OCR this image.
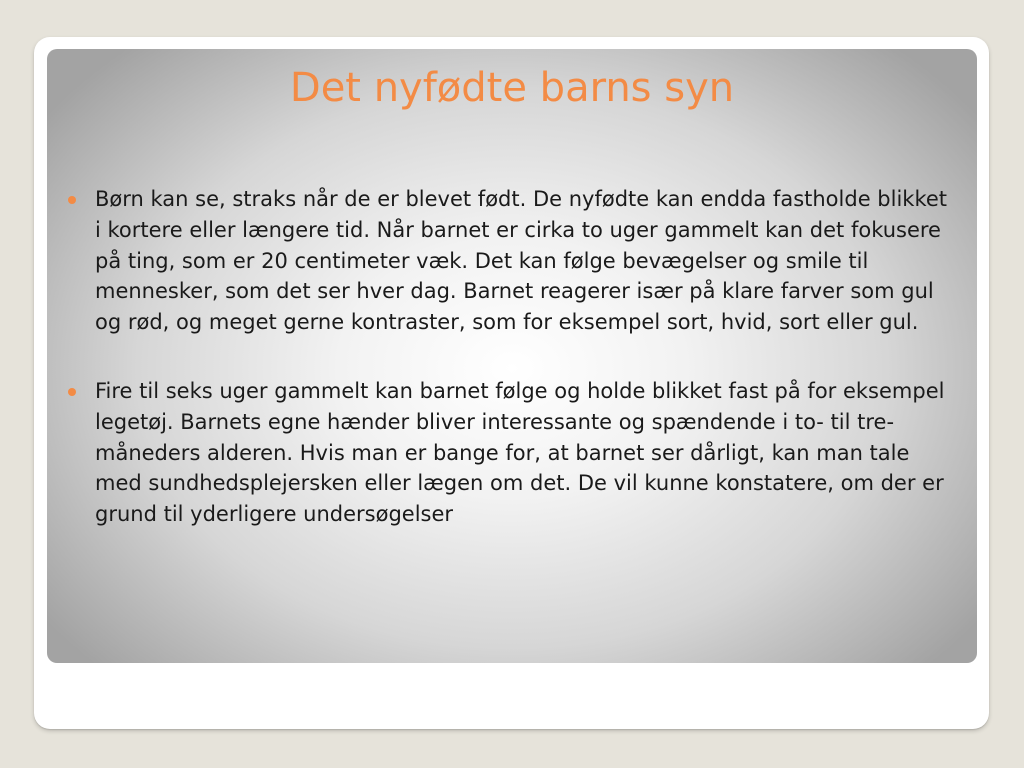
Det nyfødte barns syn
Børn kan se, straks når de er blevet født. De nyfødte kan endda fastholde blikket i kortere eller længere tid. Når barnet er cirka to uger gammelt kan det fokusere på ting, som er 20 centimeter væk. Det kan følge bevægelser og smile til mennesker, som det ser hver dag. Barnet reagerer især på klare farver som gul og rød, og meget gerne kontraster, som for eksempel sort, hvid, sort eller gul.
Fire til seks uger gammelt kan barnet følge og holde blikket fast på for eksempel legetøj. Barnets egne hænder bliver interessante og spændende i to- til tre-måneders alderen. Hvis man er bange for, at barnet ser dårligt, kan man tale med sundhedsplejersken eller lægen om det. De vil kunne konstatere, om der er grund til yderligere undersøgelser
